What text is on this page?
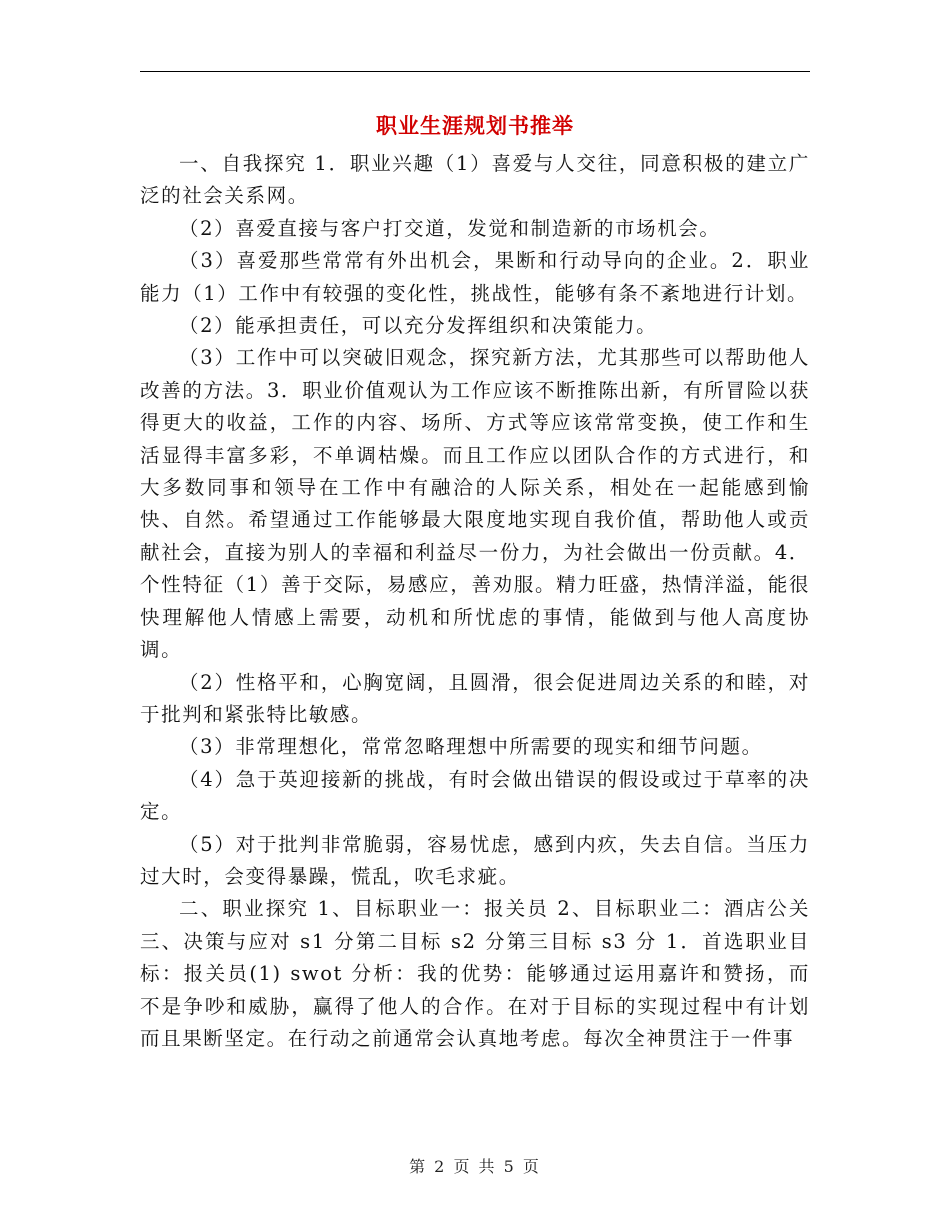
职业生涯规划书推举

一、自我探究 1．职业兴趣（1）喜爱与人交往，同意积极的建立广泛的社会关系网。

（2）喜爱直接与客户打交道，发觉和制造新的市场机会。

（3）喜爱那些常常有外出机会，果断和行动导向的企业。2．职业能力（1）工作中有较强的变化性，挑战性，能够有条不紊地进行计划。

（2）能承担责任，可以充分发挥组织和决策能力。

（3）工作中可以突破旧观念，探究新方法，尤其那些可以帮助他人改善的方法。3．职业价值观认为工作应该不断推陈出新，有所冒险以获得更大的收益，工作的内容、场所、方式等应该常常变换，使工作和生活显得丰富多彩，不单调枯燥。而且工作应以团队合作的方式进行，和大多数同事和领导在工作中有融洽的人际关系，相处在一起能感到愉快、自然。希望通过工作能够最大限度地实现自我价值，帮助他人或贡献社会，直接为别人的幸福和利益尽一份力，为社会做出一份贡献。4．个性特征（1）善于交际，易感应，善劝服。精力旺盛，热情洋溢，能很快理解他人情感上需要，动机和所忧虑的事情，能做到与他人高度协调。

（2）性格平和，心胸宽阔，且圆滑，很会促进周边关系的和睦，对于批判和紧张特比敏感。

（3）非常理想化，常常忽略理想中所需要的现实和细节问题。

（4）急于英迎接新的挑战，有时会做出错误的假设或过于草率的决定。

（5）对于批判非常脆弱，容易忧虑，感到内疚，失去自信。当压力过大时，会变得暴躁，慌乱，吹毛求疵。

二、职业探究 1、目标职业一：报关员 2、目标职业二：酒店公关三、决策与应对 s1 分第二目标 s2 分第三目标 s3 分 1．首选职业目标：报关员(1) swot 分析：我的优势：能够通过运用嘉许和赞扬，而不是争吵和威胁，赢得了他人的合作。在对于目标的实现过程中有计划而且果断坚定。在行动之前通常会认真地考虑。每次全神贯注于一件事

第 2 页 共 5 页
